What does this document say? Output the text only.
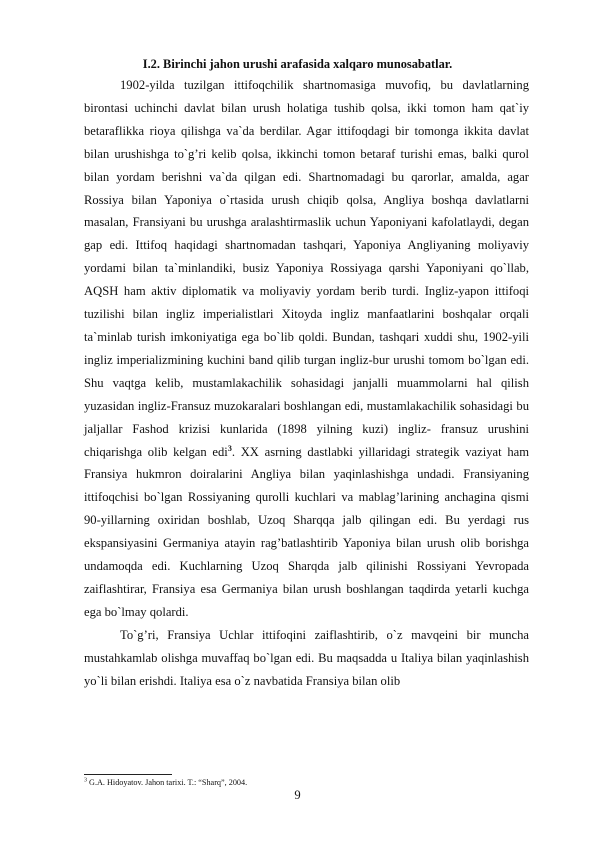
I.2. Birinchi jahon urushi arafasida xalqaro munosabatlar.

1902-yilda tuzilgan ittifoqchilik shartnomasiga muvofiq, bu davlatlarning birontasi uchinchi davlat bilan urush holatiga tushib qolsa, ikki tomon ham qat`iy betaraflikka rioya qilishga va`da berdilar. Agar ittifoqdagi bir tomonga ikkita davlat bilan urushishga to`g’ri kelib qolsa, ikkinchi tomon betaraf turishi emas, balki qurol bilan yordam berishni va`da qilgan edi. Shartnomadagi bu qarorlar, amalda, agar Rossiya bilan Yaponiya o`rtasida urush chiqib qolsa, Angliya boshqa davlatlarni masalan, Fransiyani bu urushga aralashtirmaslik uchun Yaponiyani kafolatlaydi, degan gap edi. Ittifoq haqidagi shartnomadan tashqari, Yaponiya Angliyaning moliyaviy yordami bilan ta`minlandiki, busiz Yaponiya Rossiyaga qarshi Yaponiyani qo`llab, AQSH ham aktiv diplomatik va moliyaviy yordam berib turdi. Ingliz-yapon ittifoqi tuzilishi bilan ingliz imperialistlari Xitoyda ingliz manfaatlarini boshqalar orqali ta`minlab turish imkoniyatiga ega bo`lib qoldi. Bundan, tashqari xuddi shu, 1902-yili ingliz imperializmining kuchini band qilib turgan ingliz-bur urushi tomom bo`lgan edi. Shu vaqtga kelib, mustamlakachilik sohasidagi janjalli muammolarni hal qilish yuzasidan ingliz-Fransuz muzokaralari boshlangan edi, mustamlakachilik sohasidagi bu jaljallar Fashod krizisi kunlarida (1898 yilning kuzi) ingliz- fransuz urushini chiqarishga olib kelgan edi$^3$. XX asrning dastlabki yillaridagi strategik vaziyat ham Fransiya hukmron doiralarini Angliya bilan yaqinlashishga undadi. Fransiyaning ittifoqchisi bo`lgan Rossiyaning qurolli kuchlari va mablag’larining anchagina qismi 90-yillarning oxiridan boshlab, Uzoq Sharqqa jalb qilingan edi. Bu yerdagi rus ekspansiyasini Germaniya atayin rag’batlashtirib Yaponiya bilan urush olib borishga undamoqda edi. Kuchlarning Uzoq Sharqda jalb qilinishi Rossiyani Yevropada zaiflashtirar, Fransiya esa Germaniya bilan urush boshlangan taqdirda yetarli kuchga ega bo`lmay qolardi.

To`g’ri, Fransiya Uchlar ittifoqini zaiflashtirib, o`z mavqeini bir muncha mustahkamlab olishga muvaffaq bo`lgan edi. Bu maqsadda u Italiya bilan yaqinlashish yo`li bilan erishdi. Italiya esa o`z navbatida Fransiya bilan olib

$^3$ G.A. Hidoyatov. Jahon tarixi. T.: “Sharq”, 2004.
9
